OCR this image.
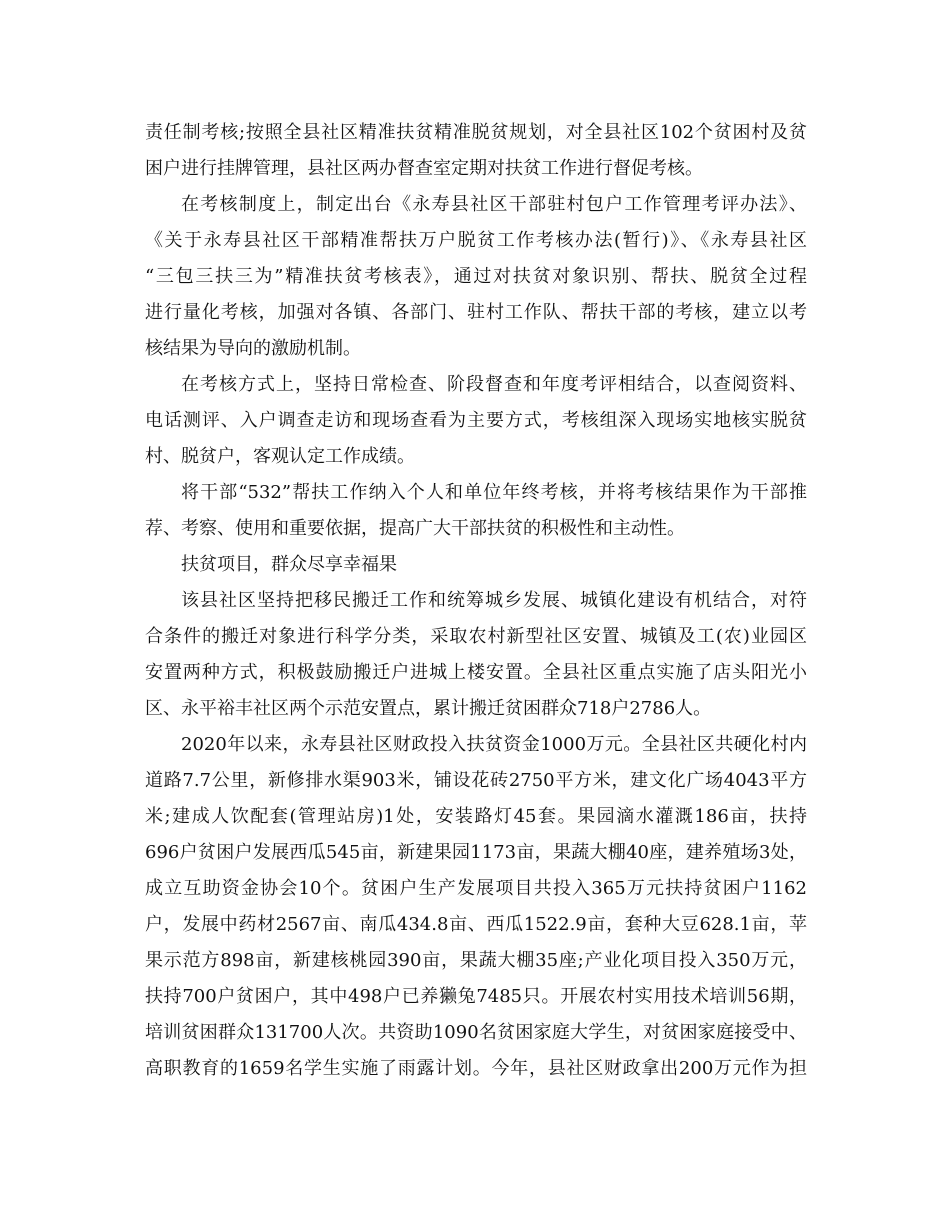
责任制考核;按照全县社区精准扶贫精准脱贫规划，对全县社区102个贫困村及贫
困户进行挂牌管理，县社区两办督查室定期对扶贫工作进行督促考核。
在考核制度上，制定出台《永寿县社区干部驻村包户工作管理考评办法》、
《关于永寿县社区干部精准帮扶万户脱贫工作考核办法(暂行)》、《永寿县社区
“三包三扶三为”精准扶贫考核表》，通过对扶贫对象识别、帮扶、脱贫全过程
进行量化考核，加强对各镇、各部门、驻村工作队、帮扶干部的考核，建立以考
核结果为导向的激励机制。
在考核方式上，坚持日常检查、阶段督查和年度考评相结合，以查阅资料、
电话测评、入户调查走访和现场查看为主要方式，考核组深入现场实地核实脱贫
村、脱贫户，客观认定工作成绩。
将干部“532”帮扶工作纳入个人和单位年终考核，并将考核结果作为干部推
荐、考察、使用和重要依据，提高广大干部扶贫的积极性和主动性。
扶贫项目，群众尽享幸福果
该县社区坚持把移民搬迁工作和统筹城乡发展、城镇化建设有机结合，对符
合条件的搬迁对象进行科学分类，采取农村新型社区安置、城镇及工(农)业园区
安置两种方式，积极鼓励搬迁户进城上楼安置。全县社区重点实施了店头阳光小
区、永平裕丰社区两个示范安置点，累计搬迁贫困群众718户2786人。
2020年以来，永寿县社区财政投入扶贫资金1000万元。全县社区共硬化村内
道路7.7公里，新修排水渠903米，铺设花砖2750平方米，建文化广场4043平方
米;建成人饮配套(管理站房)1处，安装路灯45套。果园滴水灌溉186亩，扶持
696户贫困户发展西瓜545亩，新建果园1173亩，果蔬大棚40座，建养殖场3处，
成立互助资金协会10个。贫困户生产发展项目共投入365万元扶持贫困户1162
户，发展中药材2567亩、南瓜434.8亩、西瓜1522.9亩，套种大豆628.1亩，苹
果示范方898亩，新建核桃园390亩，果蔬大棚35座;产业化项目投入350万元，
扶持700户贫困户，其中498户已养獭兔7485只。开展农村实用技术培训56期，
培训贫困群众131700人次。共资助1090名贫困家庭大学生，对贫困家庭接受中、
高职教育的1659名学生实施了雨露计划。今年，县社区财政拿出200万元作为担
